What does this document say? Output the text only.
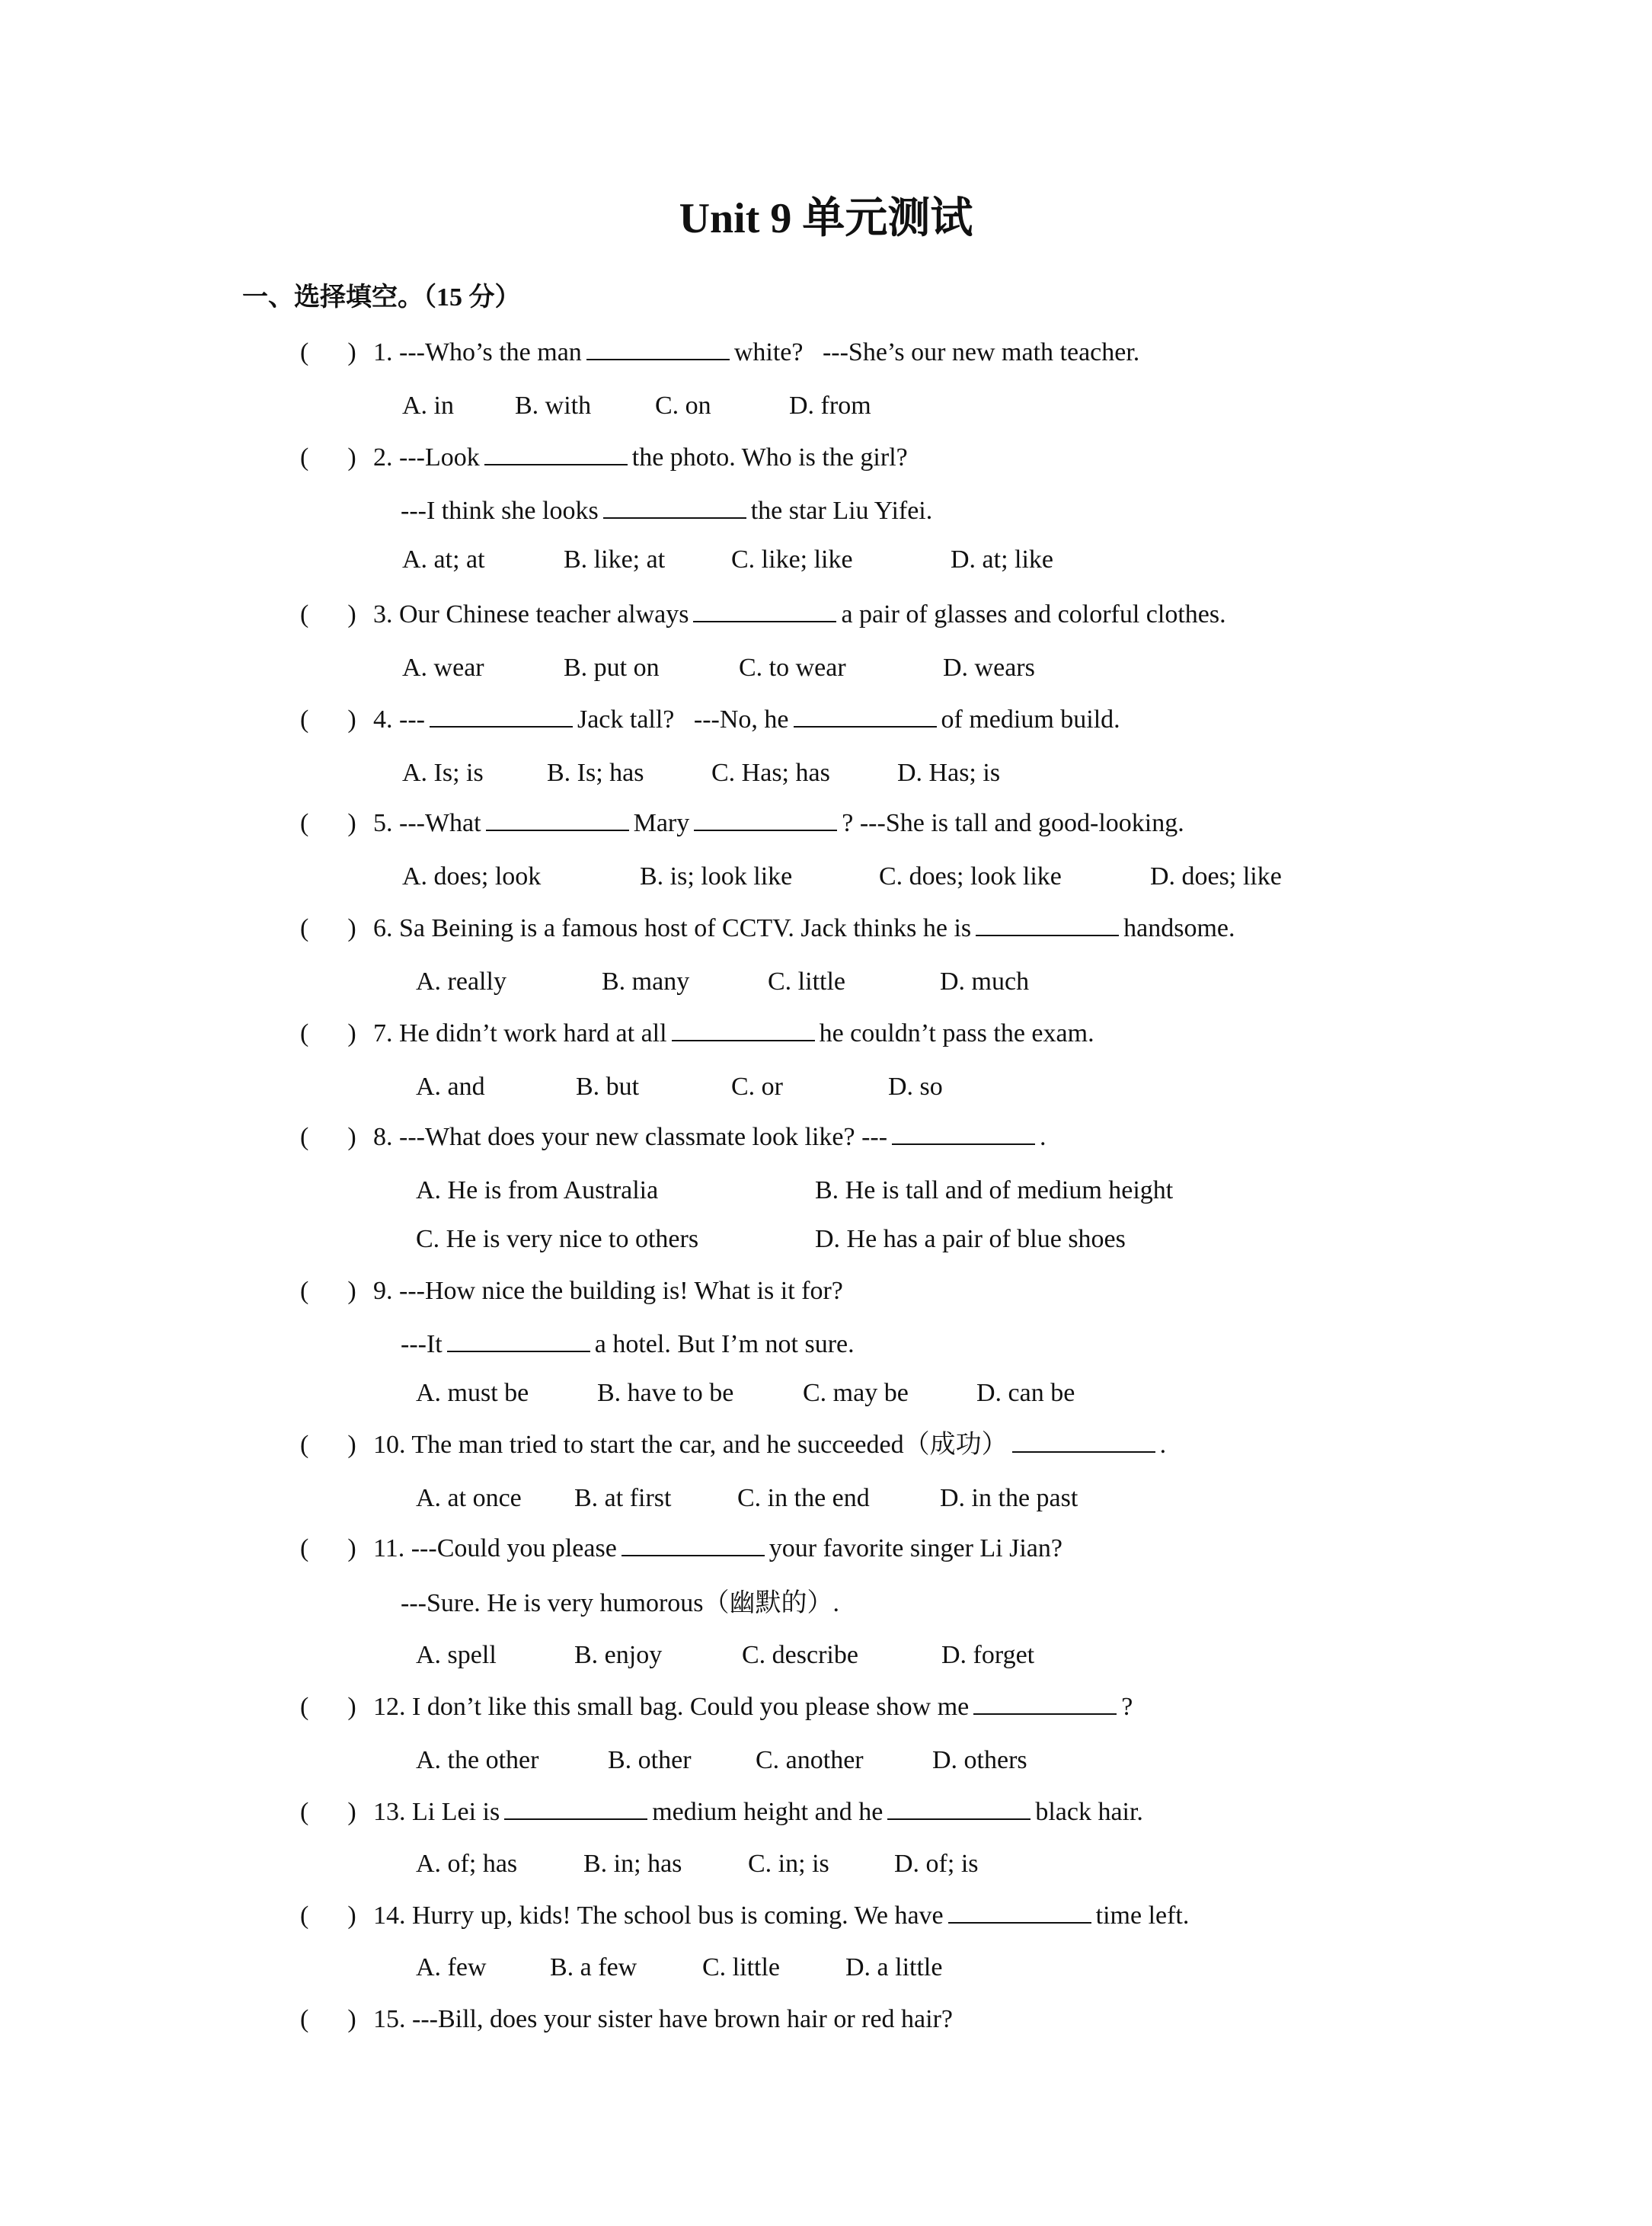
Unit 9 单元测试
一、选择填空。（15 分）
(      ) 1. ---Who’s the man	white?   ---She’s our new math teacher.
A. in B. with C. on	D. from
(      ) 2. ---Look	the photo. Who is the girl?
---I think she looks	the star Liu Yifei.
A. at; at	B. like; at	C. like; like	D. at; like
(      ) 3. Our Chinese teacher always	a pair of glasses and colorful clothes.
A. wear	B. put on	C. to wear	D. wears
(      ) 4. ---	Jack tall?   ---No, he	of medium build.
A. Is; is B. Is; has	C. Has; has	D. Has; is
(      ) 5. ---What	Mary	? ---She is tall and good-looking.
A. does; look	B. is; look like	C. does; look like	D. does; like
(      ) 6. Sa Beining is a famous host of CCTV. Jack thinks he is	handsome.
A. really	B. many	C. little	D. much
(      ) 7. He didn’t work hard at all	he couldn’t pass the exam.
A. and	B. but	C. or	D. so
(      ) 8. ---What does your new classmate look like? ---	.
A. He is from Australia	B. He is tall and of medium height
C. He is very nice to others	D. He has a pair of blue shoes
(      ) 9. ---How nice the building is! What is it for?
---It	a hotel. But I’m not sure.
A. must be	B. have to be	C. may be	D. can be
(      ) 10. The man tried to start the car, and he succeeded（成功）	.
A. at once B. at first	C. in the end	D. in the past
(      ) 11. ---Could you please	your favorite singer Li Jian?
---Sure. He is very humorous（幽默的）.
A. spell	B. enjoy	C. describe	D. forget
(      ) 12. I don’t like this small bag. Could you please show me	?
A. the other	B. other C. another	D. others
(      ) 13. Li Lei is	medium height and he	black hair.
A. of; has	B. in; has	C. in; is	D. of; is
(      ) 14. Hurry up, kids! The school bus is coming. We have	time left.
A. few B. a few	C. little	D. a little
(      ) 15. ---Bill, does your sister have brown hair or red hair?
